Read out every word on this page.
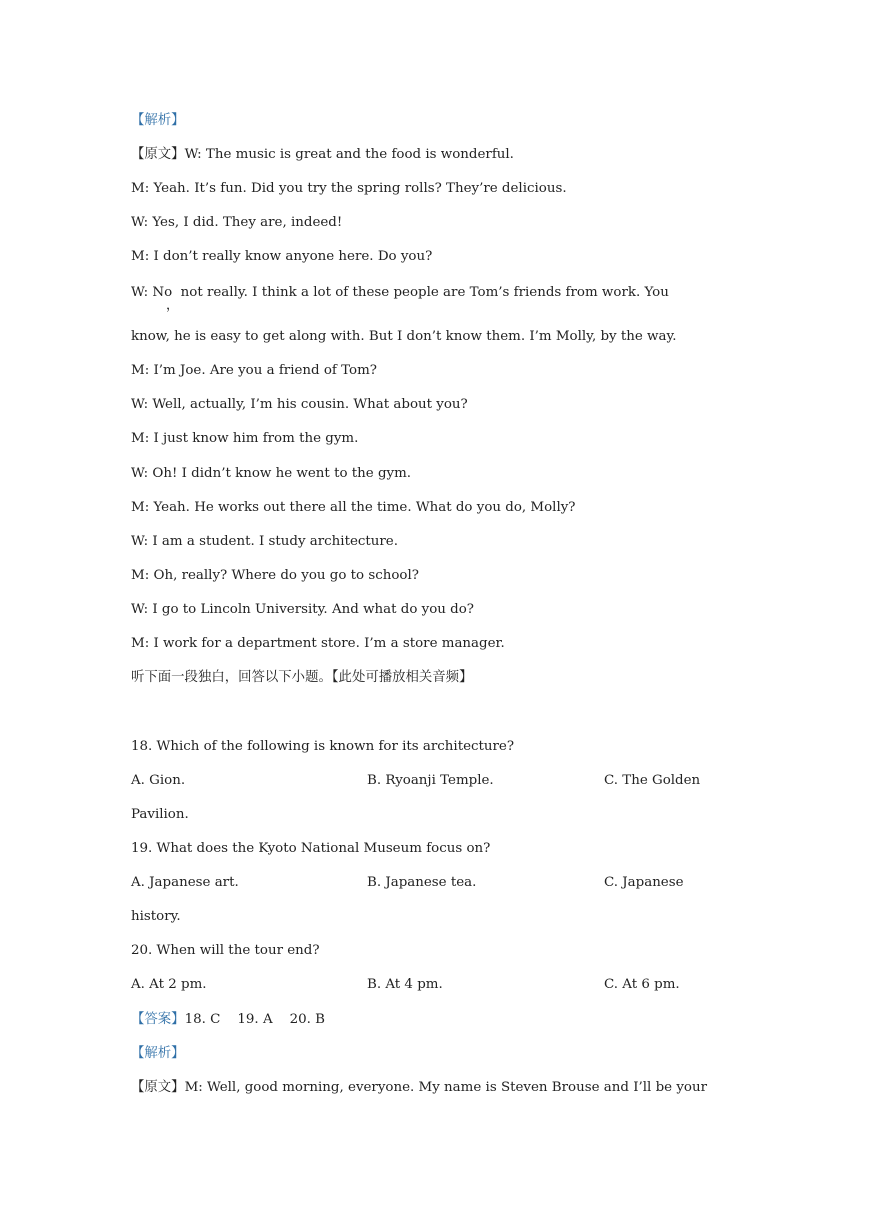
【解析】
【原文】W: The music is great and the food is wonderful.
M: Yeah. It’s fun. Did you try the spring rolls? They’re delicious.
W: Yes, I did. They are, indeed!
M: I don’t really know anyone here. Do you?
W: No  not really. I think a lot of these people are Tom’s friends from work. You
，
know, he is easy to get along with. But I don’t know them. I’m Molly, by the way.
M: I’m Joe. Are you a friend of Tom?
W: Well, actually, I’m his cousin. What about you?
M: I just know him from the gym.
W: Oh! I didn’t know he went to the gym.
M: Yeah. He works out there all the time. What do you do, Molly?
W: I am a student. I study architecture.
M: Oh, really? Where do you go to school?
W: I go to Lincoln University. And what do you do?
M: I work for a department store. I’m a store manager.
听下面一段独白，回答以下小题。【此处可播放相关音频】
18. Which of the following is known for its architecture?
A. Gion.	B. Ryoanji Temple.	C. The Golden
Pavilion.
19. What does the Kyoto National Museum focus on?
A. Japanese art.	B. Japanese tea.	C. Japanese
history.
20. When will the tour end?
A. At 2 pm.	B. At 4 pm.	C. At 6 pm.
【答案】18. C    19. A    20. B
【解析】
【原文】M: Well, good morning, everyone. My name is Steven Brouse and I’ll be your
